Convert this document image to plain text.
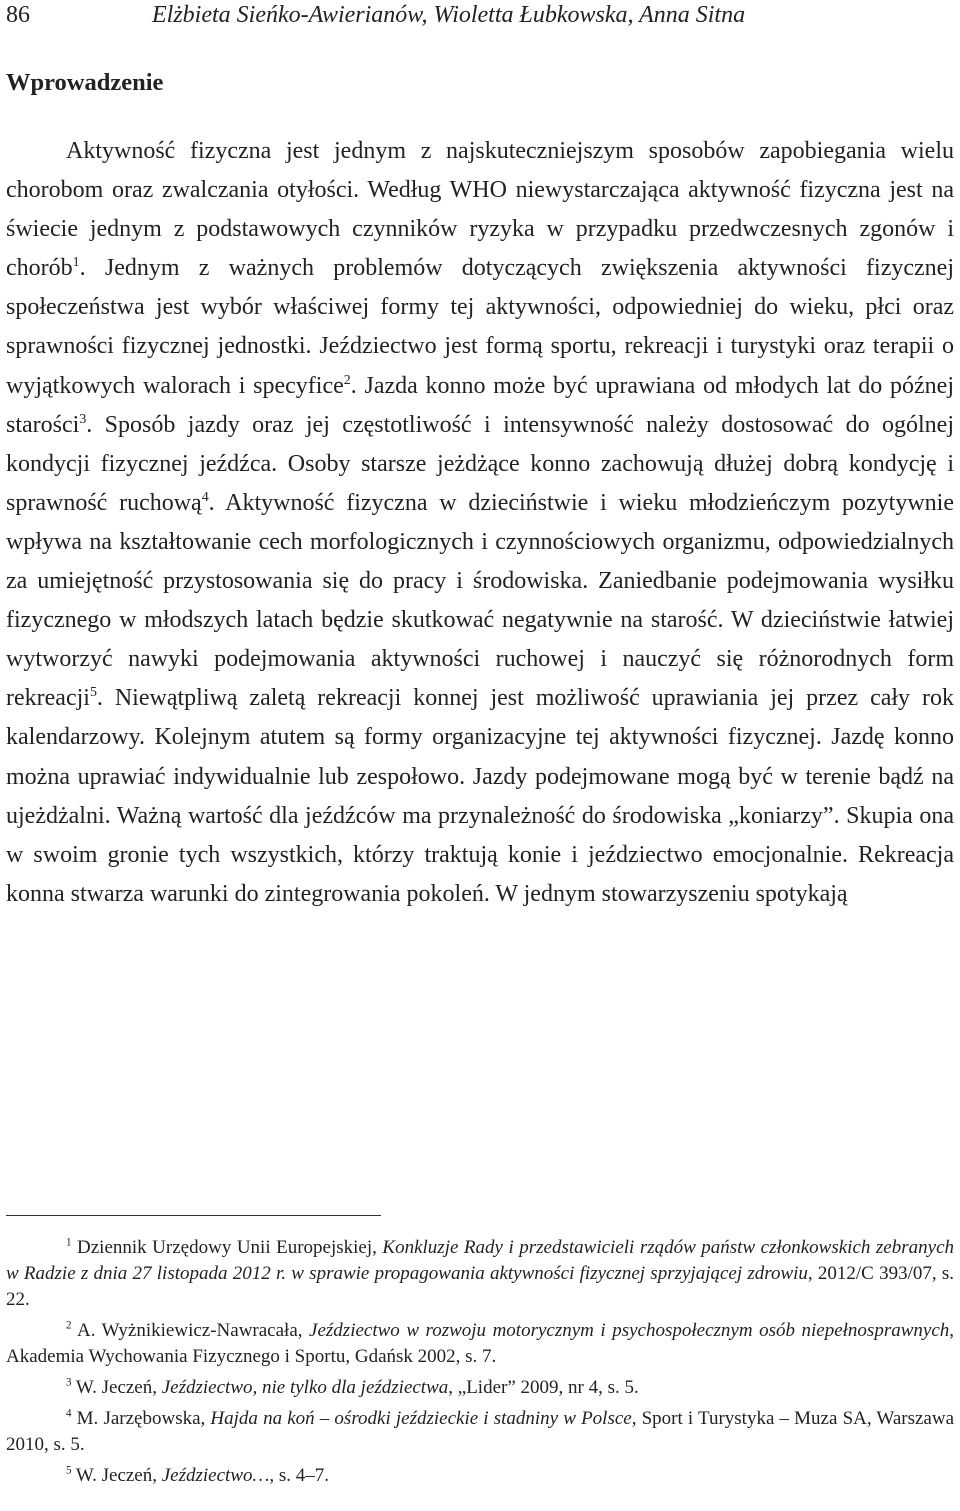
86	Elżbieta Sieńko-Awierianów, Wioletta Łubkowska, Anna Sitna
Wprowadzenie
Aktywność fizyczna jest jednym z najskuteczniejszym sposobów zapobiegania wielu chorobom oraz zwalczania otyłości. Według WHO niewystarczająca aktywność fizyczna jest na świecie jednym z podstawowych czynników ryzyka w przypadku przedwczesnych zgonów i chorób$^1$. Jednym z ważnych problemów dotyczących zwiększenia aktywności fizycznej społeczeństwa jest wybór właściwej formy tej aktywności, odpowiedniej do wieku, płci oraz sprawności fizycznej jednostki. Jeździectwo jest formą sportu, rekreacji i turystyki oraz terapii o wyjątkowych walorach i specyfice$^2$. Jazda konno może być uprawiana od młodych lat do późnej starości$^3$. Sposób jazdy oraz jej częstotliwość i intensywność należy dostosować do ogólnej kondycji fizycznej jeźdźca. Osoby starsze jeżdżące konno zachowują dłużej dobrą kondycję i sprawność ruchową$^4$. Aktywność fizyczna w dzieciństwie i wieku młodzieńczym pozytywnie wpływa na kształtowanie cech morfologicznych i czynnościowych organizmu, odpowiedzialnych za umiejętność przystosowania się do pracy i środowiska. Zaniedbanie podejmowania wysiłku fizycznego w młodszych latach będzie skutkować negatywnie na starość. W dzieciństwie łatwiej wytworzyć nawyki podejmowania aktywności ruchowej i nauczyć się różnorodnych form rekreacji$^5$. Niewątpliwą zaletą rekreacji konnej jest możliwość uprawiania jej przez cały rok kalendarzowy. Kolejnym atutem są formy organizacyjne tej aktywności fizycznej. Jazdę konno można uprawiać indywidualnie lub zespołowo. Jazdy podejmowane mogą być w terenie bądź na ujeżdżalni. Ważną wartość dla jeźdźców ma przynależność do środowiska „koniarzy”. Skupia ona w swoim gronie tych wszystkich, którzy traktują konie i jeździectwo emocjonalnie. Rekreacja konna stwarza warunki do zintegrowania pokoleń. W jednym stowarzyszeniu spotykają

$^1$ Dziennik Urzędowy Unii Europejskiej, Konkluzje Rady i przedstawicieli rządów państw członkowskich zebranych w Radzie z dnia 27 listopada 2012 r. w sprawie propagowania aktywności fizycznej sprzyjającej zdrowiu, 2012/C 393/07, s. 22.

$^2$ A. Wyżnikiewicz-Nawracała, Jeździectwo w rozwoju motorycznym i psychospołecznym osób niepełnosprawnych, Akademia Wychowania Fizycznego i Sportu, Gdańsk 2002, s. 7.

$^3$ W. Jeczeń, Jeździectwo, nie tylko dla jeździectwa, „Lider” 2009, nr 4, s. 5.

$^4$ M. Jarzębowska, Hajda na koń – ośrodki jeździeckie i stadniny w Polsce, Sport i Turystyka – Muza SA, Warszawa 2010, s. 5.

$^5$ W. Jeczeń, Jeździectwo…, s. 4–7.
